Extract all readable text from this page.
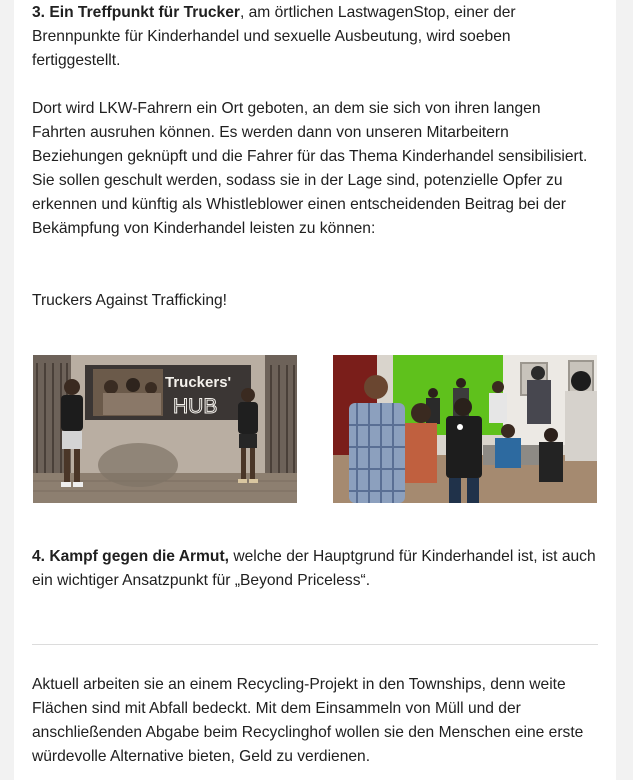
3. Ein Treffpunkt für Trucker, am örtlichen LastwagenStop, einer der Brennpunkte für Kinderhandel und sexuelle Ausbeutung, wird soeben fertiggestellt.

Dort wird LKW-Fahrern ein Ort geboten, an dem sie sich von ihren langen Fahrten ausruhen können. Es werden dann von unseren Mitarbeitern Beziehungen geknüpft und die Fahrer für das Thema Kinderhandel sensibilisiert. Sie sollen geschult werden, sodass sie in der Lage sind, potenzielle Opfer zu erkennen und künftig als Whistleblower einen entscheidenden Beitrag bei der Bekämpfung von Kinderhandel leisten zu können:

Truckers Against Trafficking!

Truckers'
HUB

4. Kampf gegen die Armut, welche der Hauptgrund für Kinderhandel ist, ist auch ein wichtiger Ansatzpunkt für „Beyond Priceless“.

Aktuell arbeiten sie an einem Recycling-Projekt in den Townships, denn weite Flächen sind mit Abfall bedeckt. Mit dem Einsammeln von Müll und der anschließenden Abgabe beim Recyclinghof wollen sie den Menschen eine erste würdevolle Alternative bieten, Geld zu verdienen.
